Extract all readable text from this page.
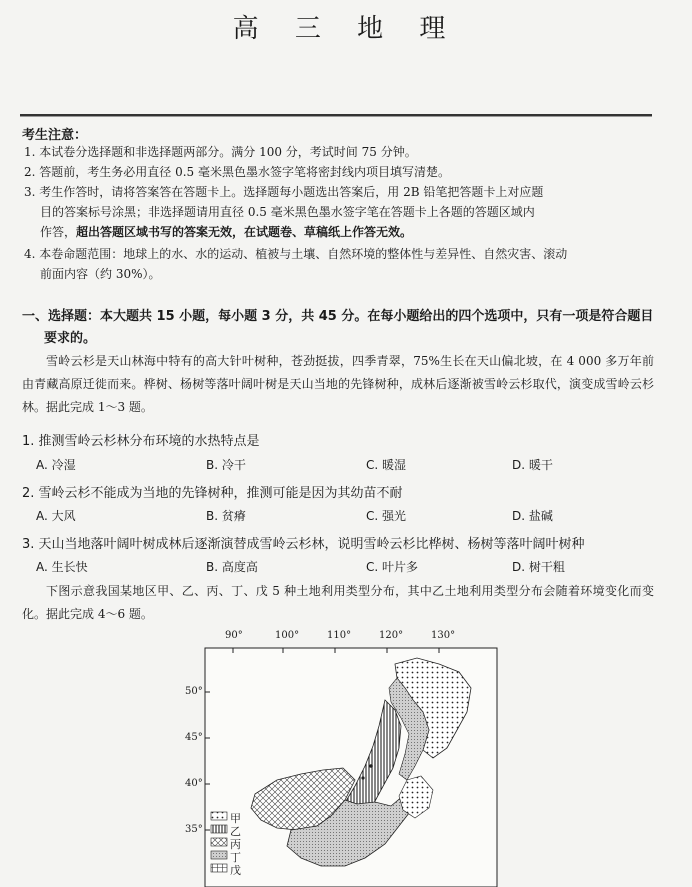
高 三 地 理
考生注意：
1. 本试卷分选择题和非选择题两部分。满分 100 分，考试时间 75 分钟。
2. 答题前，考生务必用直径 0.5 毫米黑色墨水签字笔将密封线内项目填写清楚。
3. 考生作答时，请将答案答在答题卡上。选择题每小题选出答案后，用 2B 铅笔把答题卡上对应题
目的答案标号涂黑；非选择题请用直径 0.5 毫米黑色墨水签字笔在答题卡上各题的答题区域内
作答，超出答题区域书写的答案无效，在试题卷、草稿纸上作答无效。
4. 本卷命题范围：地球上的水、水的运动、植被与土壤、自然环境的整体性与差异性、自然灾害、滚动
前面内容（约 30%）。
一、选择题：本大题共 15 小题，每小题 3 分，共 45 分。在每小题给出的四个选项中，只有一项是符合题目
要求的。
雪岭云杉是天山林海中特有的高大针叶树种，苍劲挺拔，四季青翠，75%生长在天山偏北坡，在 4 000 多万年前由青藏高原迁徙而来。桦树、杨树等落叶阔叶树是天山当地的先锋树种，成林后逐渐被雪岭云杉取代，演变成雪岭云杉林。据此完成 1～3 题。
1. 推测雪岭云杉林分布环境的水热特点是
A. 冷湿	B. 冷干	C. 暖湿	D. 暖干
2. 雪岭云杉不能成为当地的先锋树种，推测可能是因为其幼苗不耐
A. 大风	B. 贫瘠	C. 强光	D. 盐碱
3. 天山当地落叶阔叶树成林后逐渐演替成雪岭云杉林，说明雪岭云杉比桦树、杨树等落叶阔叶树种
A. 生长快	B. 高度高	C. 叶片多	D. 树干粗
下图示意我国某地区甲、乙、丙、丁、戊 5 种土地利用类型分布，其中乙土地利用类型分布会随着环境变化而变化。据此完成 4～6 题。
90°	100°	110°	120°	130°
50°
45°
40°
35°
甲
乙
丙
丁
戊
